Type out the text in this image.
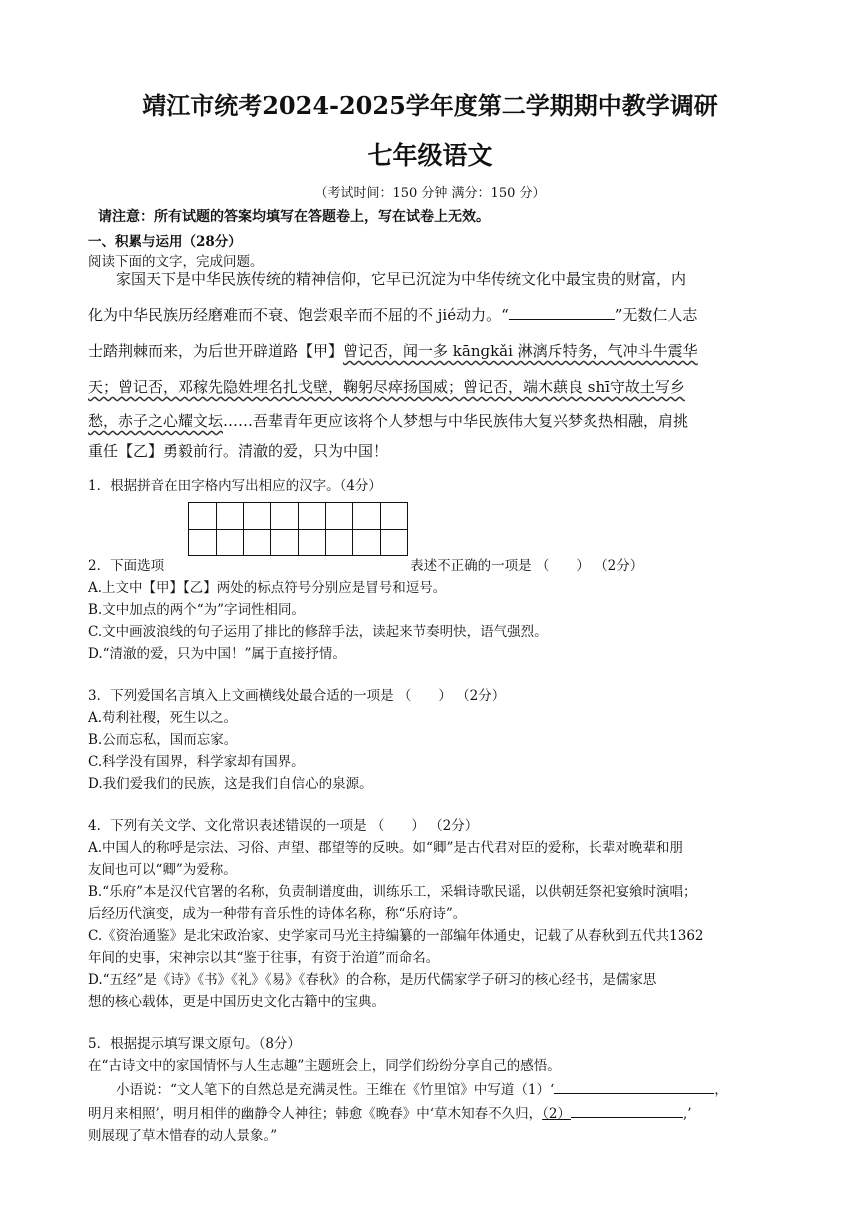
靖江市统考2024-2025学年度第二学期期中教学调研
七年级语文
（考试时间：150 分钟 满分：150 分）
请注意：所有试题的答案均填写在答题卷上，写在试卷上无效。
一、积累与运用（28分）
阅读下面的文字，完成问题。
家国天下是中华民族传统的精神信仰，它早已沉淀为中华传统文化中最宝贵的财富，内
化为中华民族历经磨难而不衰、饱尝艰辛而不屈的不 jié动力。“	”无数仁人志
士踏荆棘而来，为后世开辟道路【甲】曾记否，闻一多 kānɡkǎi 淋漓斥特务，气冲斗牛震华
天；曾记否，邓稼先隐姓埋名扎戈壁，鞠躬尽瘁扬国威；曾记否，端木蕻良 shī守故土写乡
愁，赤子之心耀文坛……吾辈青年更应该将个人梦想与中华民族伟大复兴梦炙热相融，肩挑
重任【乙】勇毅前行。清澈的爱，只为中国！
1．根据拼音在田字格内写出相应的汉字。（4分）
2．下面选项	表述不正确的一项是 （　　） （2分）
A.上文中【甲】【乙】两处的标点符号分别应是冒号和逗号。
B.文中加点的两个“为”字词性相同。
C.文中画波浪线的句子运用了排比的修辞手法，读起来节奏明快，语气强烈。
D.“清澈的爱，只为中国！”属于直接抒情。
3．下列爱国名言填入上文画横线处最合适的一项是 （　　） （2分）
A.苟利社稷，死生以之。
B.公而忘私，国而忘家。
C.科学没有国界，科学家却有国界。
D.我们爱我们的民族，这是我们自信心的泉源。
4．下列有关文学、文化常识表述错误的一项是 （　　） （2分）
A.中国人的称呼是宗法、习俗、声望、郡望等的反映。如“卿”是古代君对臣的爱称，长辈对晚辈和朋
友间也可以“卿”为爱称。
B.“乐府”本是汉代官署的名称，负责制谱度曲，训练乐工，采辑诗歌民谣，以供朝廷祭祀宴飨时演唱；
后经历代演变，成为一种带有音乐性的诗体名称，称“乐府诗”。
C.《资治通鉴》是北宋政治家、史学家司马光主持编纂的一部编年体通史，记载了从春秋到五代共1362
年间的史事，宋神宗以其“鉴于往事，有资于治道”而命名。
D.“五经”是《诗》《书》《礼》《易》《春秋》的合称，是历代儒家学子研习的核心经书，是儒家思
想的核心载体，更是中国历史文化古籍中的宝典。
5．根据提示填写课文原句。（8分）
在“古诗文中的家国情怀与人生志趣”主题班会上，同学们纷纷分享自己的感悟。
小语说：“文人笔下的自然总是充满灵性。王维在《竹里馆》中写道（1）‘	，
明月来相照’，明月相伴的幽静令人神往；韩愈《晚春》中‘草木知春不久归，（2）	,’
则展现了草木惜春的动人景象。”
